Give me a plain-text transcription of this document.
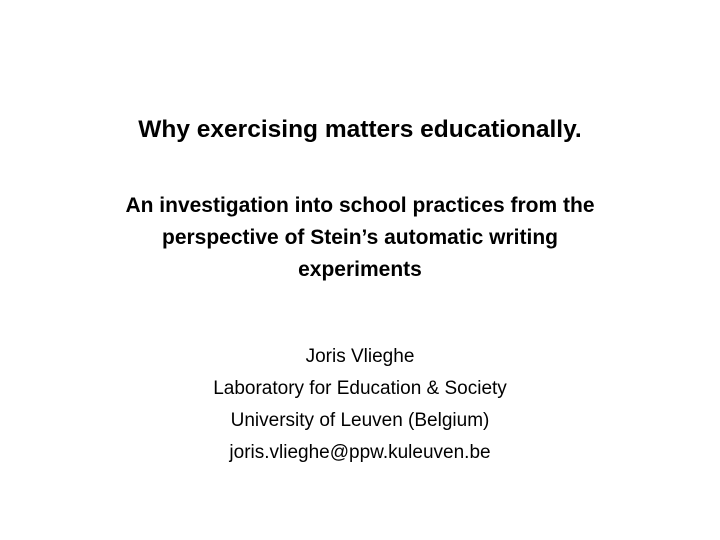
Why exercising matters educationally.
An investigation into school practices from the
perspective of Stein’s automatic writing
experiments
Joris Vlieghe
Laboratory for Education & Society
University of Leuven (Belgium)
joris.vlieghe@ppw.kuleuven.be
